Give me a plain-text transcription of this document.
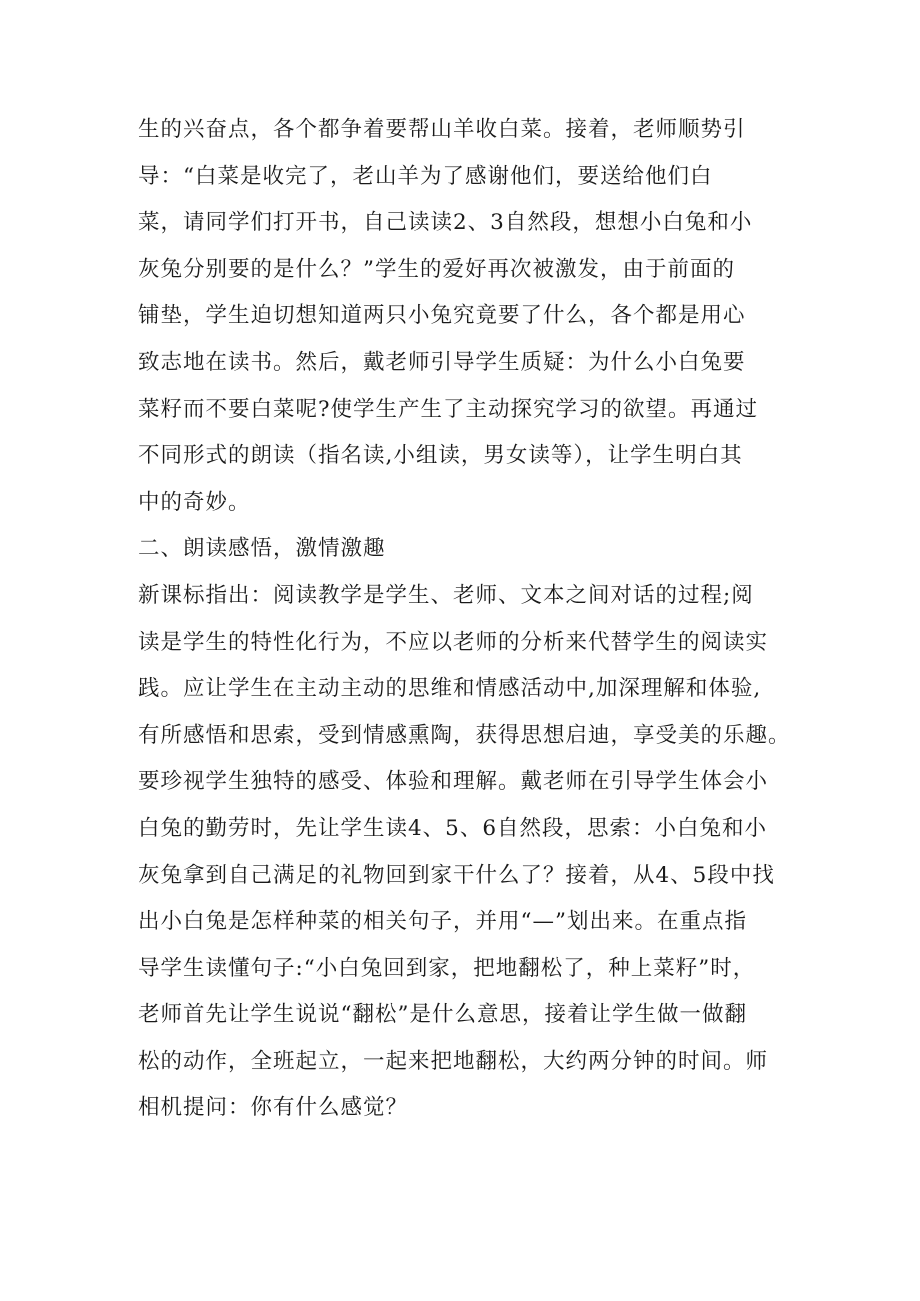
生的兴奋点，各个都争着要帮山羊收白菜。接着，老师顺势引
导：“白菜是收完了，老山羊为了感谢他们，要送给他们白
菜，请同学们打开书，自己读读2、3自然段，想想小白兔和小
灰兔分别要的是什么？”学生的爱好再次被激发，由于前面的
铺垫，学生迫切想知道两只小兔究竟要了什么，各个都是用心
致志地在读书。然后，戴老师引导学生质疑：为什么小白兔要
菜籽而不要白菜呢?使学生产生了主动探究学习的欲望。再通过
不同形式的朗读（指名读,小组读，男女读等），让学生明白其
中的奇妙。
二、朗读感悟，激情激趣
新课标指出：阅读教学是学生、老师、文本之间对话的过程;阅
读是学生的特性化行为，不应以老师的分析来代替学生的阅读实
践。应让学生在主动主动的思维和情感活动中,加深理解和体验,
有所感悟和思索，受到情感熏陶，获得思想启迪，享受美的乐趣。
要珍视学生独特的感受、体验和理解。戴老师在引导学生体会小
白兔的勤劳时，先让学生读4、5、6自然段，思索：小白兔和小
灰兔拿到自己满足的礼物回到家干什么了？接着，从4、5段中找
出小白兔是怎样种菜的相关句子，并用“—”划出来。在重点指
导学生读懂句子:“小白兔回到家，把地翻松了，种上菜籽”时，
老师首先让学生说说“翻松”是什么意思，接着让学生做一做翻
松的动作，全班起立，一起来把地翻松，大约两分钟的时间。师
相机提问：你有什么感觉？
